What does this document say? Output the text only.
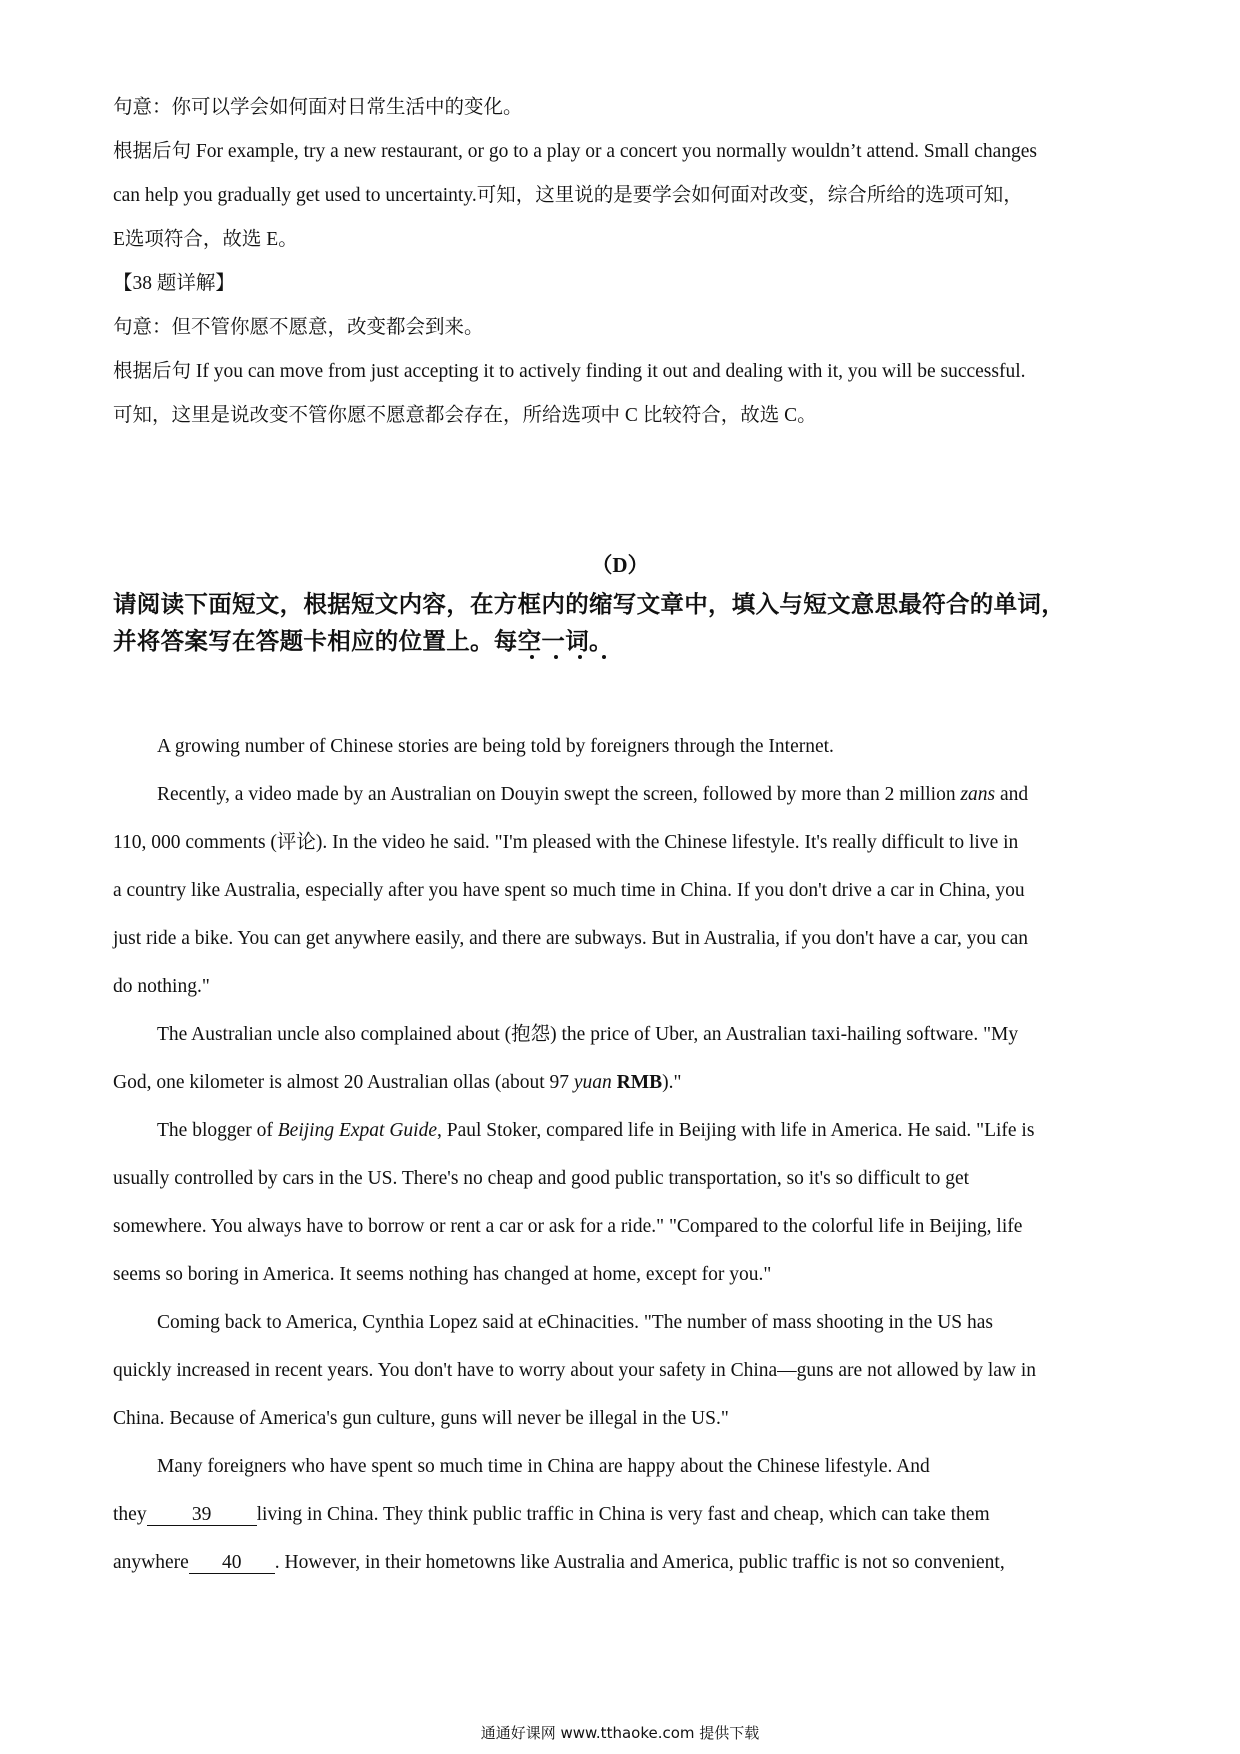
句意：你可以学会如何面对日常生活中的变化。
根据后句 For example, try a new restaurant, or go to a play or a concert you normally wouldn’t attend. Small changes
can help you gradually get used to uncertainty.可知，这里说的是要学会如何面对改变，综合所给的选项可知，
E选项符合，故选 E。
【38 题详解】
句意：但不管你愿不愿意，改变都会到来。
根据后句 If you can move from just accepting it to actively finding it out and dealing with it, you will be successful.
可知，这里是说改变不管你愿不愿意都会存在，所给选项中 C 比较符合，故选 C。
（D）
请阅读下面短文，根据短文内容，在方框内的缩写文章中，填入与短文意思最符合的单词，
并将答案写在答题卡相应的位置上。每空一词。
A growing number of Chinese stories are being told by foreigners through the Internet.
Recently, a video made by an Australian on Douyin swept the screen, followed by more than 2 million zans and
110, 000 comments (评论). In the video he said. "I'm pleased with the Chinese lifestyle. It's really difficult to live in
a country like Australia, especially after you have spent so much time in China. If you don't drive a car in China, you
just ride a bike. You can get anywhere easily, and there are subways. But in Australia, if you don't have a car, you can
do nothing."
The Australian uncle also complained about (抱怨) the price of Uber, an Australian taxi-hailing software. "My
God, one kilometer is almost 20 Australian ollas (about 97 yuan RMB)."
The blogger of Beijing Expat Guide, Paul Stoker, compared life in Beijing with life in America. He said. "Life is
usually controlled by cars in the US. There's no cheap and good public transportation, so it's so difficult to get
somewhere. You always have to borrow or rent a car or ask for a ride." "Compared to the colorful life in Beijing, life
seems so boring in America. It seems nothing has changed at home, except for you."
Coming back to America, Cynthia Lopez said at eChinacities. "The number of mass shooting in the US has
quickly increased in recent years. You don't have to worry about your safety in China—guns are not allowed by law in
China. Because of America's gun culture, guns will never be illegal in the US."
Many foreigners who have spent so much time in China are happy about the Chinese lifestyle. And
they 39 living in China. They think public traffic in China is very fast and cheap, which can take them
anywhere 40 . However, in their hometowns like Australia and America, public traffic is not so convenient,
通通好课网 www.tthaoke.com 提供下载
